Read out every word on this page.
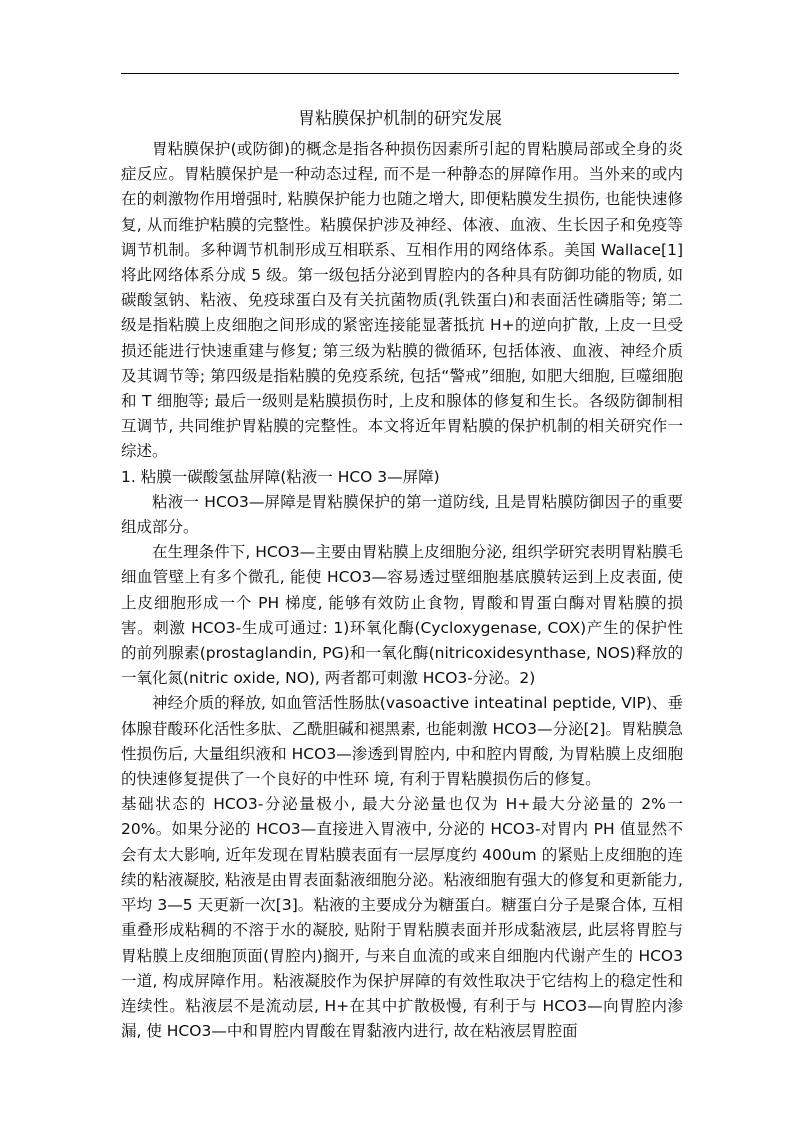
胃粘膜保护机制的研究发展

胃粘膜保护(或防御)的概念是指各种损伤因素所引起的胃粘膜局部或全身的炎症反应。胃粘膜保护是一种动态过程, 而不是一种静态的屏障作用。当外来的或内在的刺激物作用增强时, 粘膜保护能力也随之增大, 即便粘膜发生损伤, 也能快速修复, 从而维护粘膜的完整性。粘膜保护涉及神经、体液、血液、生长因子和免疫等调节机制。多种调节机制形成互相联系、互相作用的网络体系。美国 Wallace[1]将此网络体系分成 5 级。第一级包括分泌到胃腔内的各种具有防御功能的物质, 如碳酸氢钠、粘液、免疫球蛋白及有关抗菌物质(乳铁蛋白)和表面活性磷脂等; 第二级是指粘膜上皮细胞之间形成的紧密连接能显著抵抗 H+的逆向扩散, 上皮一旦受损还能进行快速重建与修复; 第三级为粘膜的微循环, 包括体液、血液、神经介质及其调节等; 第四级是指粘膜的免疫系统, 包括“警戒”细胞, 如肥大细胞, 巨噬细胞和 T 细胞等; 最后一级则是粘膜损伤时, 上皮和腺体的修复和生长。各级防御制相互调节, 共同维护胃粘膜的完整性。本文将近年胃粘膜的保护机制的相关研究作一综述。

1. 粘膜一碳酸氢盐屏障(粘液一 HCO 3—屏障)

粘液一 HCO3—屏障是胃粘膜保护的第一道防线, 且是胃粘膜防御因子的重要组成部分。

在生理条件下, HCO3—主要由胃粘膜上皮细胞分泌, 组织学研究表明胃粘膜毛细血管壁上有多个微孔, 能使 HCO3—容易透过壁细胞基底膜转运到上皮表面, 使上皮细胞形成一个 PH 梯度, 能够有效防止食物, 胃酸和胃蛋白酶对胃粘膜的损害。刺激 HCO3-生成可通过: 1)环氧化酶(Cycloxygenase, COX)产生的保护性的前列腺素(prostaglandin, PG)和一氧化酶(nitricoxidesynthase, NOS)释放的一氧化氮(nitric oxide, NO), 两者都可刺激 HCO3-分泌。2)

神经介质的释放, 如血管活性肠肽(vasoactive inteatinal peptide, VIP)、垂体腺苷酸环化活性多肽、乙酰胆碱和褪黑素, 也能刺激 HCO3—分泌[2]。胃粘膜急性损伤后, 大量组织液和 HCO3—渗透到胃腔内, 中和腔内胃酸, 为胃粘膜上皮细胞的快速修复提供了一个良好的中性环 境, 有利于胃粘膜损伤后的修复。

基础状态的 HCO3-分泌量极小, 最大分泌量也仅为 H+最大分泌量的 2%一 20%。如果分泌的 HCO3—直接进入胃液中, 分泌的 HCO3-对胃内 PH 值显然不会有太大影响, 近年发现在胃粘膜表面有一层厚度约 400um 的紧贴上皮细胞的连续的粘液凝胶, 粘液是由胃表面黏液细胞分泌。粘液细胞有强大的修复和更新能力, 平均 3—5 天更新一次[3]。粘液的主要成分为糖蛋白。糖蛋白分子是聚合体, 互相重叠形成粘稠的不溶于水的凝胶, 贴附于胃粘膜表面并形成黏液层, 此层将胃腔与胃粘膜上皮细胞顶面(胃腔内)搁开, 与来自血流的或来自细胞内代谢产生的 HCO3 一道, 构成屏障作用。粘液凝胶作为保护屏障的有效性取决于它结构上的稳定性和连续性。粘液层不是流动层, H+在其中扩散极慢, 有利于与 HCO3—向胃腔内渗漏, 使 HCO3—中和胃腔内胃酸在胃黏液内进行, 故在粘液层胃腔面
